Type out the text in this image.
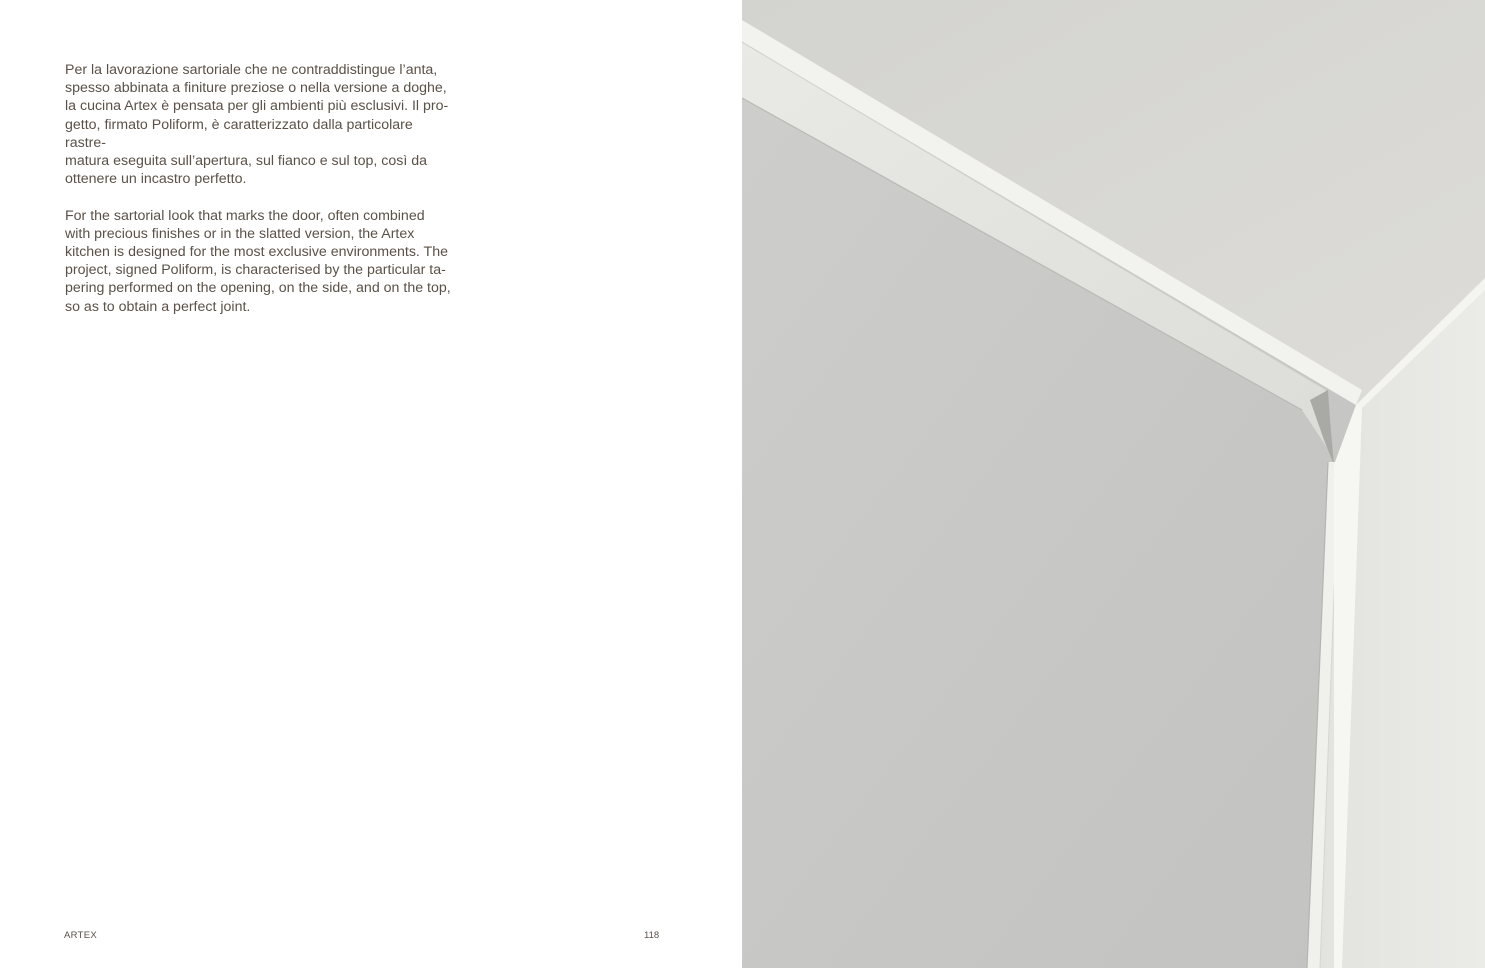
Per la lavorazione sartoriale che ne contraddistingue l’anta,
spesso abbinata a finiture preziose o nella versione a doghe,
la cucina Artex è pensata per gli ambienti più esclusivi. Il pro-
getto, firmato Poliform, è caratterizzato dalla particolare rastre-
matura eseguita sull’apertura, sul fianco e sul top, così da
ottenere un incastro perfetto.

For the sartorial look that marks the door, often combined
with precious finishes or in the slatted version, the Artex
kitchen is designed for the most exclusive environments. The
project, signed Poliform, is characterised by the particular ta-
pering performed on the opening, on the side, and on the top,
so as to obtain a perfect joint.

ARTEX	118
